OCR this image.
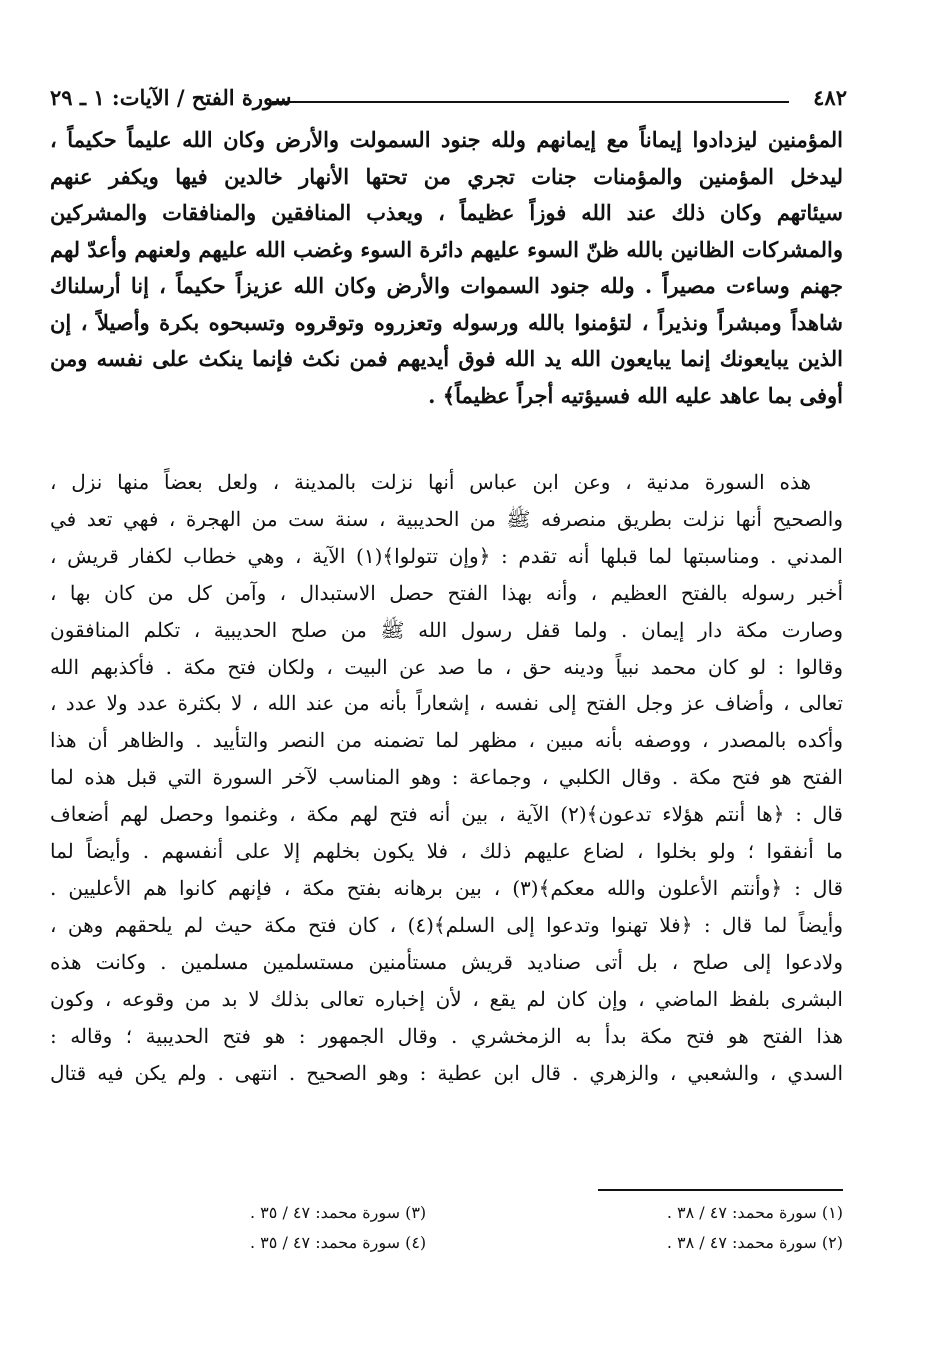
٤٨٢
سورة الفتح / الآيات: ١ ـ ٢٩
المؤمنين ليزدادوا إيماناً مع إيمانهم ولله جنود السمولت والأرض وكان الله عليماً حكيماً ،
ليدخل المؤمنين والمؤمنات جنات تجري من تحتها الأنهار خالدين فيها ويكفر عنهم
سيئاتهم وكان ذلك عند الله فوزاً عظيماً ، ويعذب المنافقين والمنافقات والمشركين
والمشركات الظانين بالله ظنّ السوء عليهم دائرة السوء وغضب الله عليهم ولعنهم وأعدّ لهم
جهنم وساءت مصيراً . ولله جنود السموات والأرض وكان الله عزيزاً حكيماً ، إنا أرسلناك
شاهداً ومبشراً ونذيراً ، لتؤمنوا بالله ورسوله وتعزروه وتوقروه وتسبحوه بكرة وأصيلاً ، إن
الذين يبايعونك إنما يبايعون الله يد الله فوق أيديهم فمن نكث فإنما ينكث على نفسه ومن
أوفى بما عاهد عليه الله فسيؤتيه أجراً عظيماً﴾ .
هذه السورة مدنية ، وعن ابن عباس أنها نزلت بالمدينة ، ولعل بعضاً منها نزل ،
والصحيح أنها نزلت بطريق منصرفه ﷺ من الحديبية ، سنة ست من الهجرة ، فهي تعد في
المدني . ومناسبتها لما قبلها أنه تقدم : ﴿وإن تتولوا﴾(١) الآية ، وهي خطاب لكفار قريش ،
أخبر رسوله بالفتح العظيم ، وأنه بهذا الفتح حصل الاستبدال ، وآمن كل من كان بها ،
وصارت مكة دار إيمان . ولما قفل رسول الله ﷺ من صلح الحديبية ، تكلم المنافقون
وقالوا : لو كان محمد نبياً ودينه حق ، ما صد عن البيت ، ولكان فتح مكة . فأكذبهم الله
تعالى ، وأضاف عز وجل الفتح إلى نفسه ، إشعاراً بأنه من عند الله ، لا بكثرة عدد ولا عدد ،
وأكده بالمصدر ، ووصفه بأنه مبين ، مظهر لما تضمنه من النصر والتأييد . والظاهر أن هذا
الفتح هو فتح مكة . وقال الكلبي ، وجماعة : وهو المناسب لآخر السورة التي قبل هذه لما
قال : ﴿ها أنتم هؤلاء تدعون﴾(٢) الآية ، بين أنه فتح لهم مكة ، وغنموا وحصل لهم أضعاف
ما أنفقوا ؛ ولو بخلوا ، لضاع عليهم ذلك ، فلا يكون بخلهم إلا على أنفسهم . وأيضاً لما
قال : ﴿وأنتم الأعلون والله معكم﴾(٣) ، بين برهانه بفتح مكة ، فإنهم كانوا هم الأعليين .
وأيضاً لما قال : ﴿فلا تهنوا وتدعوا إلى السلم﴾(٤) ، كان فتح مكة حيث لم يلحقهم وهن ،
ولادعوا إلى صلح ، بل أتى صناديد قريش مستأمنين مستسلمين مسلمين . وكانت هذه
البشرى بلفظ الماضي ، وإن كان لم يقع ، لأن إخباره تعالى بذلك لا بد من وقوعه ، وكون
هذا الفتح هو فتح مكة بدأ به الزمخشري . وقال الجمهور : هو فتح الحديبية ؛ وقاله :
السدي ، والشعبي ، والزهري . قال ابن عطية : وهو الصحيح . انتهى . ولم يكن فيه قتال
(١) سورة محمد: ٤٧ / ٣٨ .
(٣) سورة محمد: ٤٧ / ٣٥ .
(٢) سورة محمد: ٤٧ / ٣٨ .
(٤) سورة محمد: ٤٧ / ٣٥ .
